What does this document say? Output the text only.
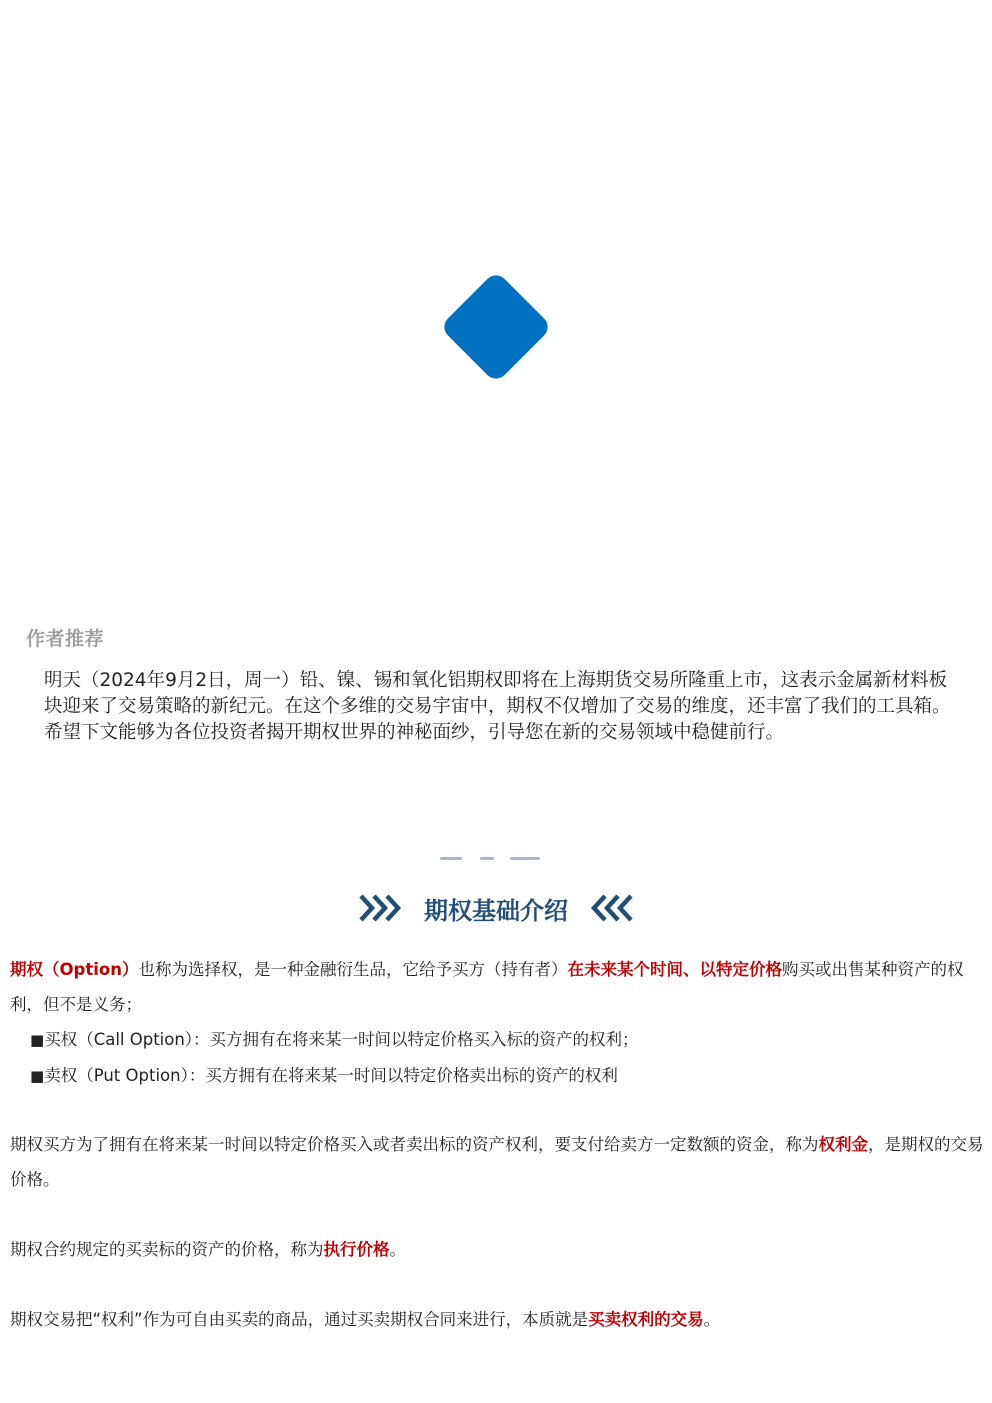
作者推荐

明天（2024年9月2日，周一）铅、镍、锡和氧化铝期权即将在上海期货交易所隆重上市，这表示金属新材料板块迎来了交易策略的新纪元。在这个多维的交易宇宙中，期权不仅增加了交易的维度，还丰富了我们的工具箱。希望下文能够为各位投资者揭开期权世界的神秘面纱，引导您在新的交易领域中稳健前行。

期权基础介绍

期权（Option）也称为选择权，是一种金融衍生品，它给予买方（持有者）在未来某个时间、以特定价格购买或出售某种资产的权利，但不是义务；

■买权（Call Option）：买方拥有在将来某一时间以特定价格买入标的资产的权利；

■卖权（Put Option）：买方拥有在将来某一时间以特定价格卖出标的资产的权利

期权买方为了拥有在将来某一时间以特定价格买入或者卖出标的资产权利，要支付给卖方一定数额的资金，称为权利金，是期权的交易价格。

期权合约规定的买卖标的资产的价格，称为执行价格。

期权交易把“权利”作为可自由买卖的商品，通过买卖期权合同来进行，本质就是买卖权利的交易。
